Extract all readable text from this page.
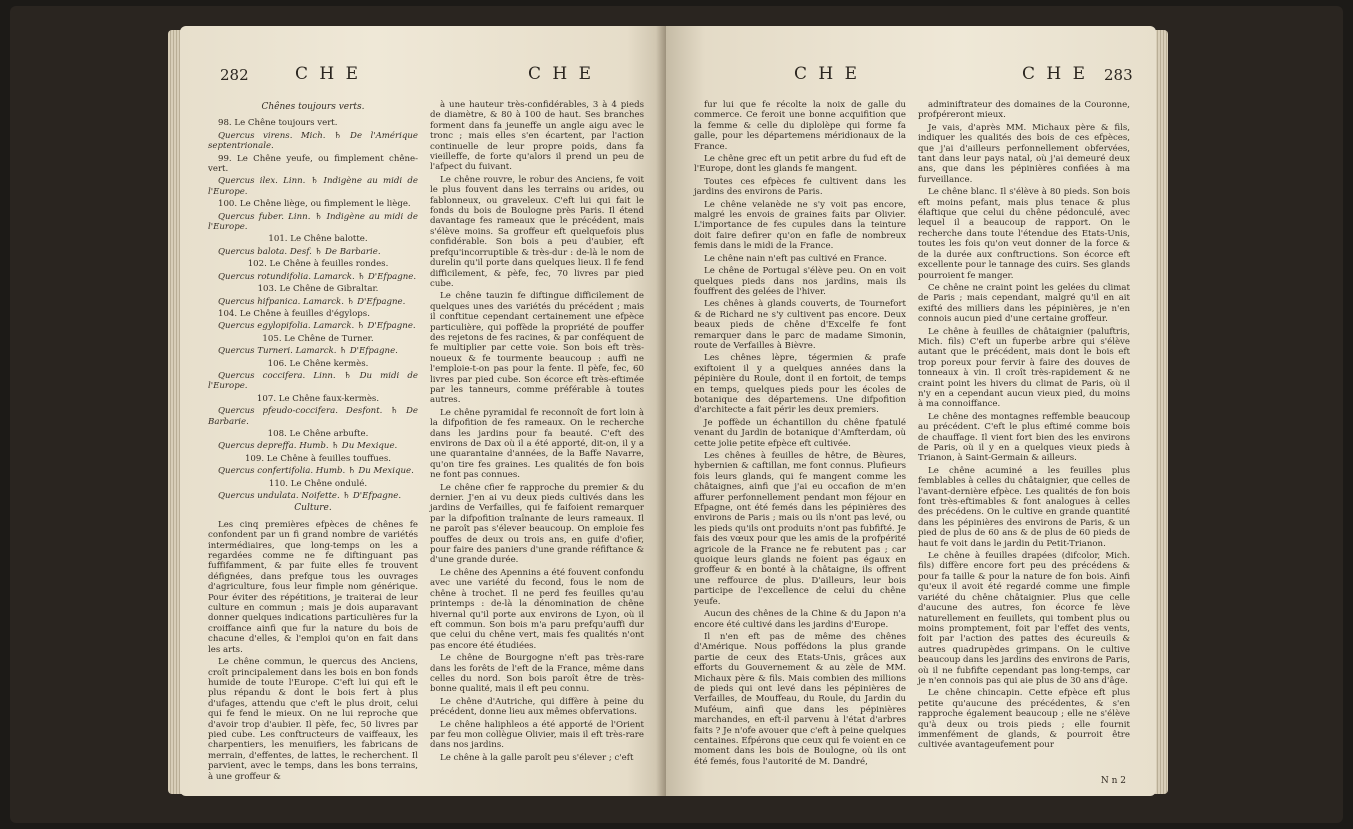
282	C H E	C H E

Chênes toujours verts.

98. Le Chêne toujours vert.

Quercus virens. Mich. ♄ De l'Amérique septentrionale.

99. Le Chêne yeufe, ou fimplement chêne-vert.

Quercus ilex. Linn. ♄ Indigène au midi de l'Europe.

100. Le Chêne liège, ou fimplement le liège.

Quercus fuber. Linn. ♄ Indigène au midi de l'Europe.

101. Le Chêne balotte.

Quercus balota. Desf. ♄ De Barbarie.

102. Le Chêne à feuilles rondes.

Quercus rotundifolia. Lamarck. ♄ D'Efpagne.

103. Le Chêne de Gibraltar.

Quercus hifpanica. Lamarck. ♄ D'Efpagne.

104. Le Chêne à feuilles d'égylops.

Quercus egylopifolia. Lamarck. ♄ D'Efpagne.

105. Le Chêne de Turner.

Quercus Turneri. Lamarck. ♄ D'Efpagne.

106. Le Chêne kermès.

Quercus coccifera. Linn. ♄ Du midi de l'Europe.

107. Le Chêne faux-kermès.

Quercus pfeudo-coccifera. Desfont. ♄ De Barbarie.

108. Le Chêne arbufte.

Quercus depreffa. Humb. ♄ Du Mexique.

109. Le Chêne à feuilles touffues.

Quercus confertifolia. Humb. ♄ Du Mexique.

110. Le Chêne ondulé.

Quercus undulata. Noifette. ♄ D'Efpagne.

Culture.

Les cinq premières efpèces de chênes fe confondent par un fi grand nombre de variétés intermédiaires, que long-temps on les a regardées comme ne fe diftinguant pas fuffifamment, & par fuite elles fe trouvent défignées, dans prefque tous les ouvrages d'agriculture, fous leur fimple nom générique. Pour éviter des répétitions, je traiterai de leur culture en commun ; mais je dois auparavant donner quelques indications particulières fur la croiffance ainfi que fur la nature du bois de chacune d'elles, & l'emploi qu'on en fait dans les arts.

Le chêne commun, le quercus des Anciens, croît principalement dans les bois en bon fonds humide de toute l'Europe. C'eft lui qui eft le plus répandu & dont le bois fert à plus d'ufages, attendu que c'eft le plus droit, celui qui fe fend le mieux. On ne lui reproche que d'avoir trop d'aubier. Il pèfe, fec, 50 livres par pied cube. Les conftructeurs de vaiffeaux, les charpentiers, les menuifiers, les fabricans de merrain, d'effentes, de lattes, le recherchent. Il parvient, avec le temps, dans les bons terrains, à une groffeur &

à une hauteur très-confidérables, 3 à 4 pieds de diamètre, & 80 à 100 de haut. Ses branches forment dans fa jeuneffe un angle aigu avec le tronc ; mais elles s'en écartent, par l'action continuelle de leur propre poids, dans fa vieilleffe, de forte qu'alors il prend un peu de l'afpect du fuivant.

Le chêne rouvre, le robur des Anciens, fe voit le plus fouvent dans les terrains ou arides, ou fablonneux, ou graveleux. C'eft lui qui fait le fonds du bois de Boulogne près Paris. Il étend davantage fes rameaux que le précédent, mais s'élève moins. Sa groffeur eft quelquefois plus confidérable. Son bois a peu d'aubier, eft prefqu'incorruptible & très-dur : de-là le nom de durelin qu'il porte dans quelques lieux. Il fe fend difficilement, & pèfe, fec, 70 livres par pied cube.

Le chêne tauzin fe diftingue difficilement de quelques unes des variétés du précédent ; mais il conftitue cependant certainement une efpèce particulière, qui poffède la propriété de pouffer des rejetons de fes racines, & par conféquent de fe multiplier par cette voie. Son bois eft très-noueux & fe tourmente beaucoup : auffi ne l'emploie-t-on pas pour la fente. Il pèfe, fec, 60 livres par pied cube. Son écorce eft très-eftimée par les tanneurs, comme préférable à toutes autres.

Le chêne pyramidal fe reconnoît de fort loin à la difpofition de fes rameaux. On le recherche dans les jardins pour fa beauté. C'eft des environs de Dax où il a été apporté, dit-on, il y a une quarantaine d'années, de la Baffe Navarre, qu'on tire fes graines. Les qualités de fon bois ne font pas connues.

Le chêne cfier fe rapproche du premier & du dernier. J'en ai vu deux pieds cultivés dans les jardins de Verfailles, qui fe faifoient remarquer par la difpofition traînante de leurs rameaux. Il ne paroît pas s'élever beaucoup. On emploie fes pouffes de deux ou trois ans, en guife d'ofier, pour faire des paniers d'une grande réfiftance & d'une grande durée.

Le chêne des Apennins a été fouvent confondu avec une variété du fecond, fous le nom de chêne à trochet. Il ne perd fes feuilles qu'au printemps : de-là la dénomination de chêne hivernal qu'il porte aux environs de Lyon, où il eft commun. Son bois m'a paru prefqu'auffi dur que celui du chêne vert, mais fes qualités n'ont pas encore été étudiées.

Le chêne de Bourgogne n'eft pas très-rare dans les forêts de l'eft de la France, même dans celles du nord. Son bois paroît être de très-bonne qualité, mais il eft peu connu.

Le chêne d'Autriche, qui diffère à peine du précédent, donne lieu aux mêmes obfervations.

Le chêne haliphleos a été apporté de l'Orient par feu mon collègue Olivier, mais il eft très-rare dans nos jardins.

Le chêne à la galle paroît peu s'élever ; c'eft

C H E	C H E 283

fur lui que fe récolte la noix de galle du commerce. Ce feroit une bonne acquifition que la femme & celle du diplolèpe qui forme fa galle, pour les départemens méridionaux de la France.

Le chêne grec eft un petit arbre du fud eft de l'Europe, dont les glands fe mangent.

Toutes ces efpèces fe cultivent dans les jardins des environs de Paris.

Le chêne velanède ne s'y voit pas encore, malgré les envois de graines faits par Olivier. L'importance de fes cupules dans la teinture doit faire defirer qu'on en fafle de nombreux femis dans le midi de la France.

Le chêne nain n'eft pas cultivé en France.

Le chêne de Portugal s'élève peu. On en voit quelques pieds dans nos jardins, mais ils fouffrent des gelées de l'hiver.

Les chênes à glands couverts, de Tournefort & de Richard ne s'y cultivent pas encore. Deux beaux pieds de chêne d'Excelfe fe font remarquer dans le parc de madame Simonin, route de Verfailles à Bièvre.

Les chênes lèpre, tégermien & prafe exiftoient il y a quelques années dans la pépinière du Roule, dont il en fortoit, de temps en temps, quelques pieds pour les écoles de botanique des départemens. Une difpofition d'architecte a fait périr les deux premiers.

Je poffède un échantillon du chêne fpatulé venant du Jardin de botanique d'Amfterdam, où cette jolie petite efpèce eft cultivée.

Les chênes à feuilles de hêtre, de Bèures, hybernien & caftillan, me font connus. Plufieurs fois leurs glands, qui fe mangent comme les châtaignes, ainfi que j'ai eu occafion de m'en affurer perfonnellement pendant mon féjour en Efpagne, ont été femés dans les pépinières des environs de Paris ; mais ou ils n'ont pas levé, ou les pieds qu'ils ont produits n'ont pas fubfifté. Je fais des vœux pour que les amis de la profpérité agricole de la France ne fe rebutent pas ; car quoique leurs glands ne foient pas égaux en groffeur & en bonté à la châtaigne, ils offrent une reffource de plus. D'ailleurs, leur bois participe de l'excellence de celui du chêne yeufe.

Aucun des chênes de la Chine & du Japon n'a encore été cultivé dans les jardins d'Europe.

Il n'en eft pas de même des chênes d'Amérique. Nous poffédons la plus grande partie de ceux des Etats-Unis, grâces aux efforts du Gouvernement & au zèle de MM. Michaux père & fils. Mais combien des millions de pieds qui ont levé dans les pépinières de Verfailles, de Mouffeau, du Roule, du Jardin du Muféum, ainfi que dans les pépinières marchandes, en eft-il parvenu à l'état d'arbres faits ? Je n'ofe avouer que c'eft à peine quelques centaines. Efpérons que ceux qui fe voient en ce moment dans les bois de Boulogne, où ils ont été femés, fous l'autorité de M. Dandré,

adminiftrateur des domaines de la Couronne, profpéreront mieux.

Je vais, d'après MM. Michaux père & fils, indiquer les qualités des bois de ces efpèces, que j'ai d'ailleurs perfonnellement obfervées, tant dans leur pays natal, où j'ai demeuré deux ans, que dans les pépinières confiées à ma furveillance.

Le chêne blanc. Il s'élève à 80 pieds. Son bois eft moins pefant, mais plus tenace & plus élaftique que celui du chêne pédonculé, avec lequel il a beaucoup de rapport. On le recherche dans toute l'étendue des Etats-Unis, toutes les fois qu'on veut donner de la force & de la durée aux conftructions. Son écorce eft excellente pour le tannage des cuirs. Ses glands pourroient fe manger.

Ce chêne ne craint point les gelées du climat de Paris ; mais cependant, malgré qu'il en ait exifté des milliers dans les pépinières, je n'en connois aucun pied d'une certaine groffeur.

Le chêne à feuilles de châtaignier (paluftris, Mich. fils) C'eft un fuperbe arbre qui s'élève autant que le précédent, mais dont le bois eft trop poreux pour fervir à faire des douves de tonneaux à vin. Il croît très-rapidement & ne craint point les hivers du climat de Paris, où il n'y en a cependant aucun vieux pied, du moins à ma connoiffance.

Le chêne des montagnes reffemble beaucoup au précédent. C'eft le plus eftimé comme bois de chauffage. Il vient fort bien des les environs de Paris, où il y en a quelques vieux pieds à Trianon, à Saint-Germain & ailleurs.

Le chêne acuminé a les feuilles plus femblables à celles du châtaignier, que celles de l'avant-dernière efpèce. Les qualités de fon bois font très-eftimables & font analogues à celles des précédens. On le cultive en grande quantité dans les pépinières des environs de Paris, & un pied de plus de 60 ans & de plus de 60 pieds de haut fe voit dans le jardin du Petit-Trianon.

Le chêne à feuilles drapées (difcolor, Mich. fils) diffère encore fort peu des précédens & pour fa taille & pour la nature de fon bois. Ainfi qu'eux il avoit été regardé comme une fimple variété du chêne châtaignier. Plus que celle d'aucune des autres, fon écorce fe lève naturellement en feuillets, qui tombent plus ou moins promptement, foit par l'effet des vents, foit par l'action des pattes des écureuils & autres quadrupèdes grimpans. On le cultive beaucoup dans les jardins des environs de Paris, où il ne fubfifte cependant pas long-temps, car je n'en connois pas qui aie plus de 30 ans d'âge.

Le chêne chincapin. Cette efpèce eft plus petite qu'aucune des précédentes, & s'en rapproche également beaucoup ; elle ne s'élève qu'à deux ou trois pieds ; elle fournit immenfément de glands, & pourroit être cultivée avantageufement pour

N n 2
